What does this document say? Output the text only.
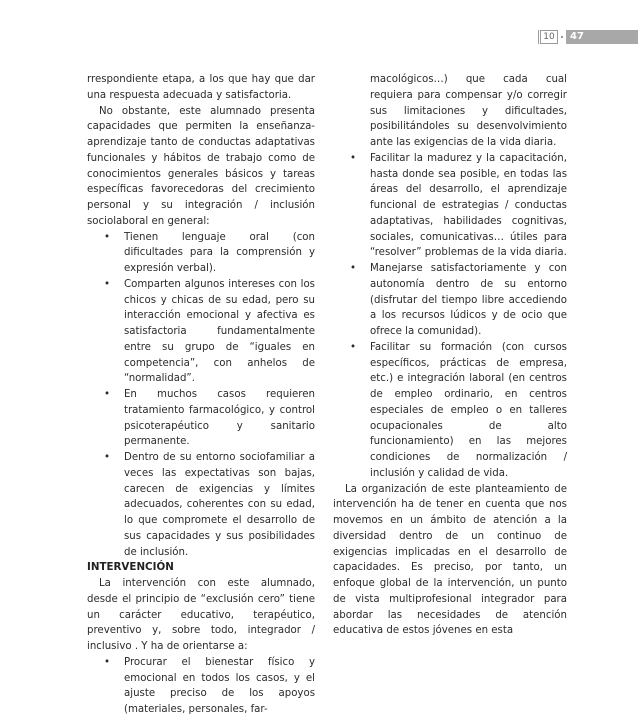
10	47

rrespondiente etapa, a los que hay que dar una respuesta adecuada y satisfactoria.

No obstante, este alumnado presenta capacidades que permiten la enseñanza-aprendizaje tanto de conductas adaptativas funcionales y hábitos de trabajo como de conocimientos generales básicos y tareas específicas favorecedoras del crecimiento personal y su integración / inclusión sociolaboral en general:

• Tienen lenguaje oral (con dificultades para la comprensión y expresión verbal).
• Comparten algunos intereses con los chicos y chicas de su edad, pero su interacción emocional y afectiva es satisfactoria fundamentalmente entre su grupo de “iguales en competencia”, con anhelos de “normalidad”.
• En muchos casos requieren tratamiento farmacológico, y control psicoterapéutico y sanitario permanente.
• Dentro de su entorno sociofamiliar a veces las expectativas son bajas, carecen de exigencias y límites adecuados, coherentes con su edad, lo que compromete el desarrollo de sus capacidades y sus posibilidades de inclusión.

INTERVENCIÓN

La intervención con este alumnado, desde el principio de “exclusión cero” tiene un carácter educativo, terapéutico, preventivo y, sobre todo, integrador / inclusivo . Y ha de orientarse a:

• Procurar el bienestar físico y emocional en todos los casos, y el ajuste preciso de los apoyos (materiales, personales, far-

macológicos…) que cada cual requiera para compensar y/o corregir sus limitaciones y dificultades, posibilitándoles su desenvolvimiento ante las exigencias de la vida diaria.

• Facilitar la madurez y la capacitación, hasta donde sea posible, en todas las áreas del desarrollo, el aprendizaje funcional de estrategias / conductas adaptativas, habilidades cognitivas, sociales, comunicativas… útiles para “resolver” problemas de la vida diaria.
• Manejarse satisfactoriamente y con autonomía dentro de su entorno (disfrutar del tiempo libre accediendo a los recursos lúdicos y de ocio que ofrece la comunidad).
• Facilitar su formación (con cursos específicos, prácticas de empresa, etc.) e integración laboral (en centros de empleo ordinario, en centros especiales de empleo o en talleres ocupacionales de alto funcionamiento) en las mejores condiciones de normalización / inclusión y calidad de vida.

La organización de este planteamiento de intervención ha de tener en cuenta que nos movemos en un ámbito de atención a la diversidad dentro de un continuo de exigencias implicadas en el desarrollo de capacidades. Es preciso, por tanto, un enfoque global de la intervención, un punto de vista multiprofesional integrador para abordar las necesidades de atención educativa de estos jóvenes en esta
